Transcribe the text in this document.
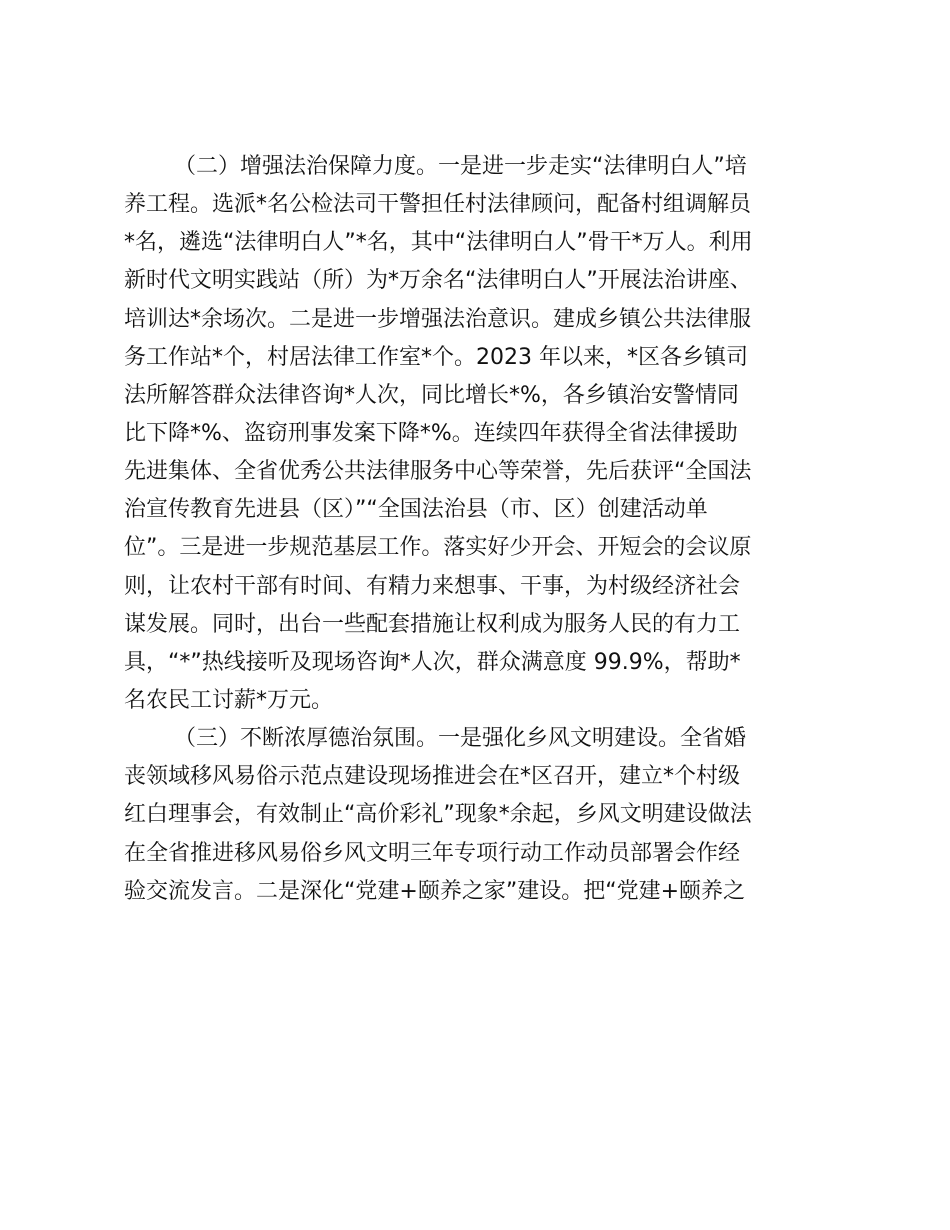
（二）增强法治保障力度。一是进一步走实“法律明白人”培
养工程。选派*名公检法司干警担任村法律顾问，配备村组调解员
*名，遴选“法律明白人”*名，其中“法律明白人”骨干*万人。利用
新时代文明实践站（所）为*万余名“法律明白人”开展法治讲座、
培训达*余场次。二是进一步增强法治意识。建成乡镇公共法律服
务工作站*个，村居法律工作室*个。2023 年以来，*区各乡镇司
法所解答群众法律咨询*人次，同比增长*%，各乡镇治安警情同
比下降*%、盗窃刑事发案下降*%。连续四年获得全省法律援助
先进集体、全省优秀公共法律服务中心等荣誉，先后获评“全国法
治宣传教育先进县（区）”“全国法治县（市、区）创建活动单
位”。三是进一步规范基层工作。落实好少开会、开短会的会议原
则，让农村干部有时间、有精力来想事、干事，为村级经济社会
谋发展。同时，出台一些配套措施让权利成为服务人民的有力工
具，“*”热线接听及现场咨询*人次，群众满意度 99.9%，帮助*
名农民工讨薪*万元。
（三）不断浓厚德治氛围。一是强化乡风文明建设。全省婚
丧领域移风易俗示范点建设现场推进会在*区召开，建立*个村级
红白理事会，有效制止“高价彩礼”现象*余起，乡风文明建设做法
在全省推进移风易俗乡风文明三年专项行动工作动员部署会作经
验交流发言。二是深化“党建+颐养之家”建设。把“党建+颐养之
